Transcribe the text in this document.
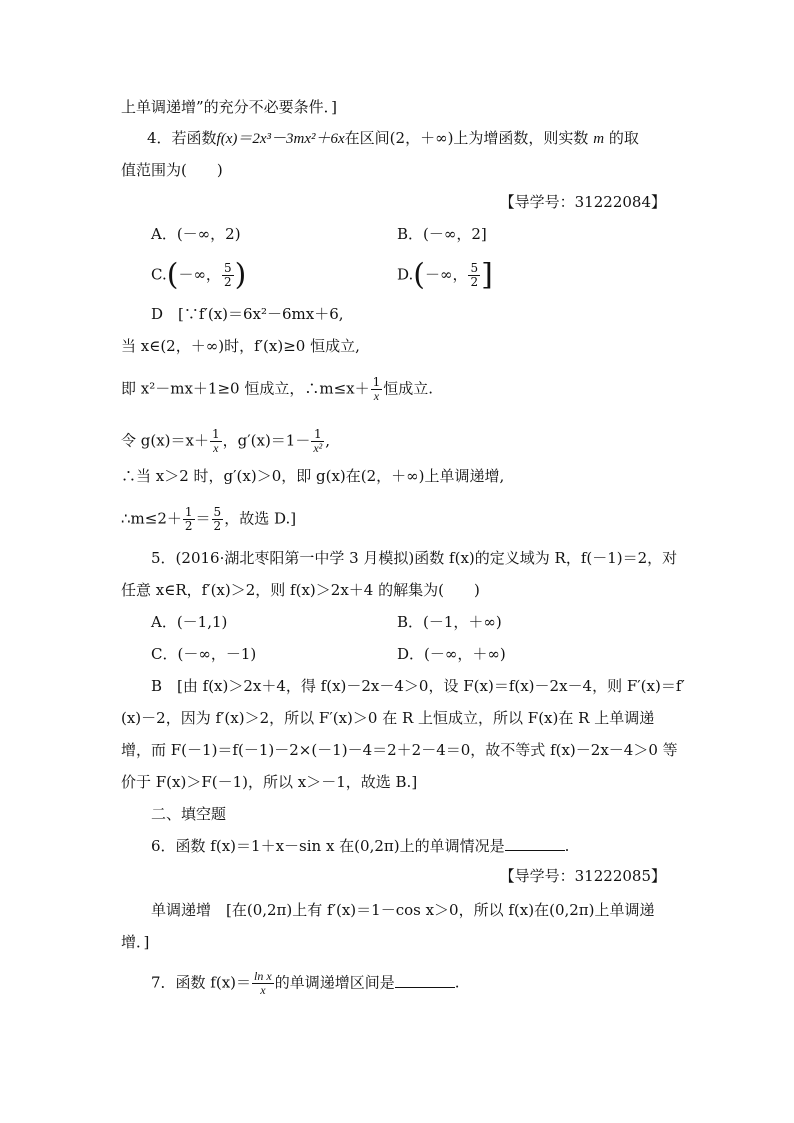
上单调递增”的充分不必要条件．]
4．若函数f(x)＝2x³－3mx²＋6x在区间(2，＋∞)上为增函数，则实数 m 的取
值范围为(　　)
【导学号：31222084】
A．(－∞，2)	B．(－∞，2]
C.(－∞， $\frac{5}{2}$ )	D.(－∞， $\frac{5}{2}$ ]
D　[∵f′(x)＝6x²－6mx＋6,
当 x∈(2，＋∞)时，f′(x)≥0 恒成立,
即 x²－mx＋1≥0 恒成立，∴m≤x＋ $\frac{1}{x}$ 恒成立.
令 $g(x)=x+ \frac{1}{x}$ ，$g'(x)=1- \frac{1}{\text{x²}}$ ,
∴当 x＞2 时，g′(x)＞0，即 g(x)在(2，＋∞)上单调递增,
∴m≤2＋ $\frac{1}{2} = \frac{5}{2}$ ，故选 D.]
5．(2016·湖北枣阳第一中学 3 月模拟)函数 f(x)的定义域为 R，f(－1)＝2，对
任意 x∈R，f′(x)＞2，则 f(x)＞2x＋4 的解集为(　　)
A．(－1,1)	B．(－1，＋∞)
C．(－∞，－1)	D．(－∞，＋∞)
B　[由 f(x)＞2x＋4，得 f(x)－2x－4＞0，设 F(x)＝f(x)－2x－4，则 F′(x)＝f′
(x)－2，因为 f′(x)＞2，所以 F′(x)＞0 在 R 上恒成立，所以 F(x)在 R 上单调递
增，而 F(－1)＝f(－1)－2×(－1)－4＝2＋2－4＝0，故不等式 f(x)－2x－4＞0 等
价于 F(x)＞F(－1)，所以 x＞－1，故选 B.]
二、填空题
6．函数 f(x)＝1＋x－sin x 在(0,2π)上的单调情况是	.
【导学号：31222085】
单调递增　[在(0,2π)上有 f′(x)＝1－cos x＞0，所以 f(x)在(0,2π)上单调递
增．]
7．函数 $f(x)= \frac{\text{ln x}}{x}$ 的单调递增区间是	.
